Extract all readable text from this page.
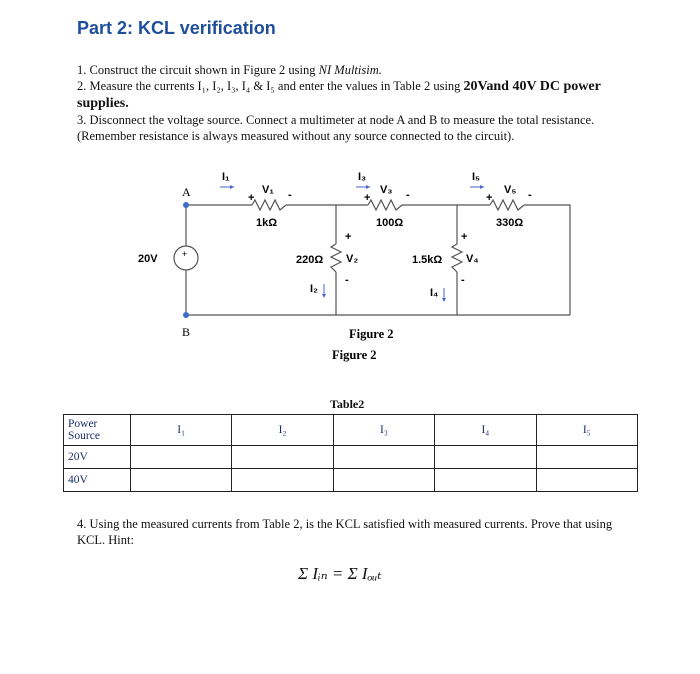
Part 2: KCL verification

1. Construct the circuit shown in Figure 2 using NI Multisim.

2. Measure the currents I₁, I₂, I₃, I₄ & I₅ and enter the values in Table 2 using 20Vand 40V DC power supplies.

3. Disconnect the voltage source. Connect a multimeter at node A and B to measure the total resistance. (Remember resistance is always measured without any source connected to the circuit).

+
20V
A
B
1kΩ	100Ω	330Ω
220Ω	1.5kΩ
+
V₁ -	+
V₃ -	+
V₅ -
+
V₂
-
+
V₄
-
I₁	I₃	I₅
I₂	I₄
Figure 2
Figure 2
Table2
Power Source	I₁	I₂	I₃	I₄	I₅
20V					
40V					

4. Using the measured currents from Table 2, is the KCL satisfied with measured currents. Prove that using KCL. Hint:

Σ Iᵢₙ = Σ Iₒᵤₜ
